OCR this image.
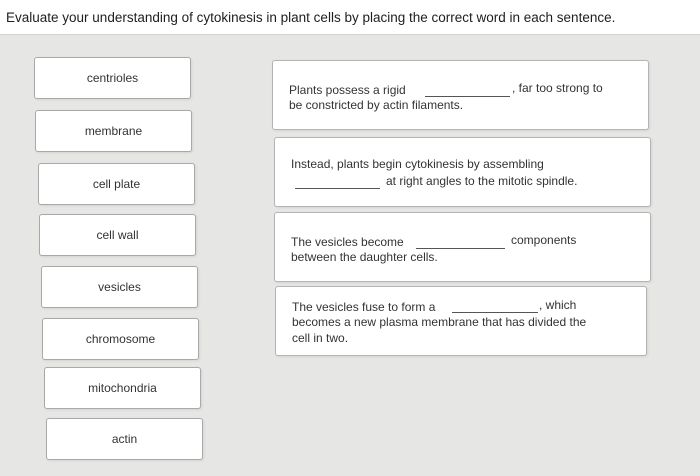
Evaluate your understanding of cytokinesis in plant cells by placing the correct word in each sentence.
centrioles
membrane
cell plate
cell wall
vesicles
chromosome
mitochondria
actin
Plants possess a rigid	, far too strong to
be constricted by actin filaments.
Instead, plants begin cytokinesis by assembling
at right angles to the mitotic spindle.
The vesicles become	components
between the daughter cells.
The vesicles fuse to form a	, which
becomes a new plasma membrane that has divided the
cell in two.
